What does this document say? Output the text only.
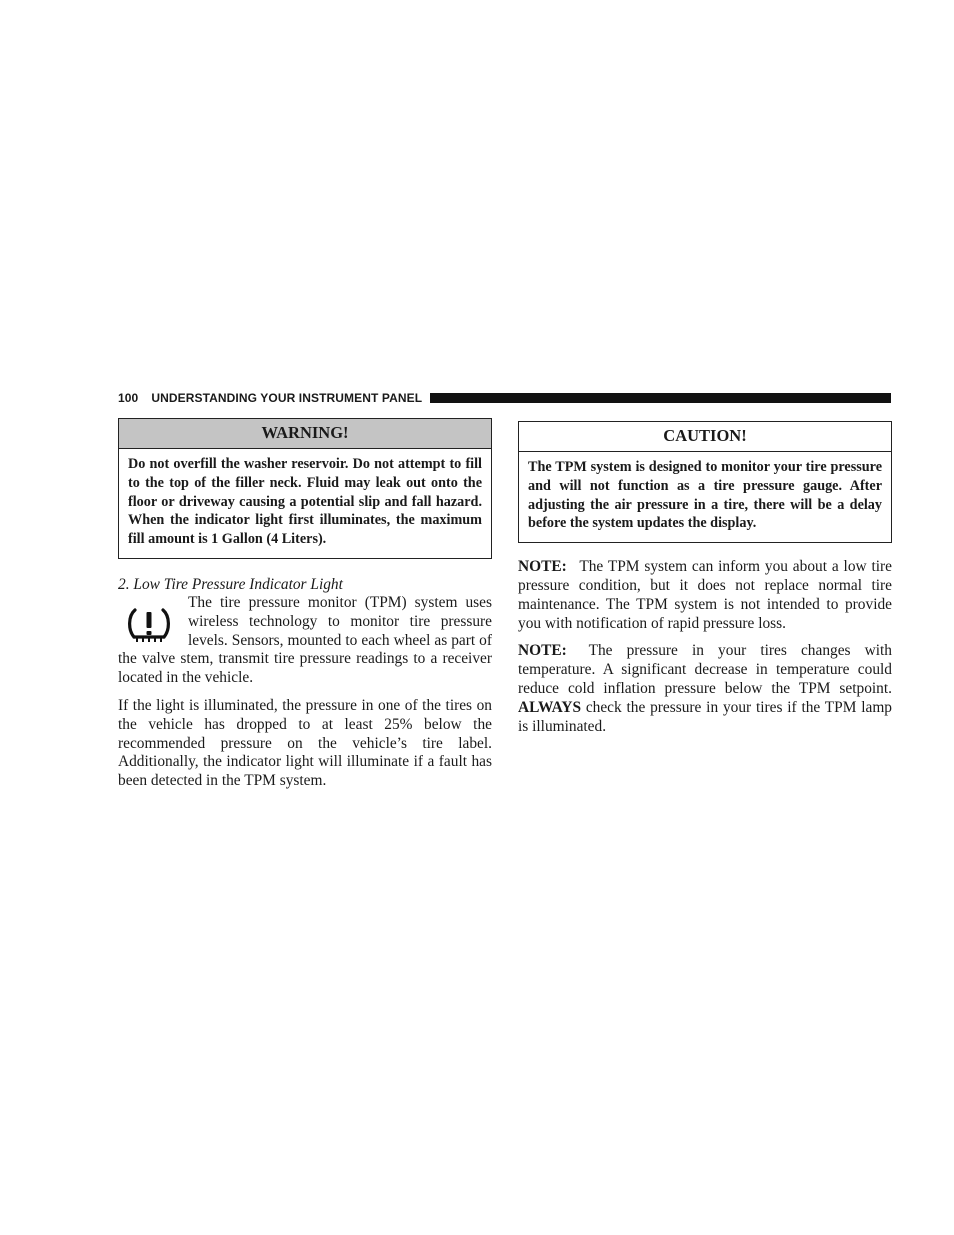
100 UNDERSTANDING YOUR INSTRUMENT PANEL
WARNING!
Do not overfill the washer reservoir. Do not attempt to fill to the top of the filler neck. Fluid may leak out onto the floor or driveway causing a potential slip and fall hazard. When the indicator light first illuminates, the maximum fill amount is 1 Gallon (4 Liters).
2. Low Tire Pressure Indicator Light

The tire pressure monitor (TPM) system uses wireless technology to monitor tire pressure levels. Sensors, mounted to each wheel as part of the valve stem, transmit tire pressure readings to a receiver located in the vehicle.

If the light is illuminated, the pressure in one of the tires on the vehicle has dropped to at least 25% below the recommended pressure on the vehicle’s tire label. Additionally, the indicator light will illuminate if a fault has been detected in the TPM system.

CAUTION!
The TPM system is designed to monitor your tire pressure and will not function as a tire pressure gauge. After adjusting the air pressure in a tire, there will be a delay before the system updates the display.

NOTE: The TPM system can inform you about a low tire pressure condition, but it does not replace normal tire maintenance. The TPM system is not intended to provide you with notification of rapid pressure loss.

NOTE: The pressure in your tires changes with temperature. A significant decrease in temperature could reduce cold inflation pressure below the TPM setpoint. ALWAYS check the pressure in your tires if the TPM lamp is illuminated.
